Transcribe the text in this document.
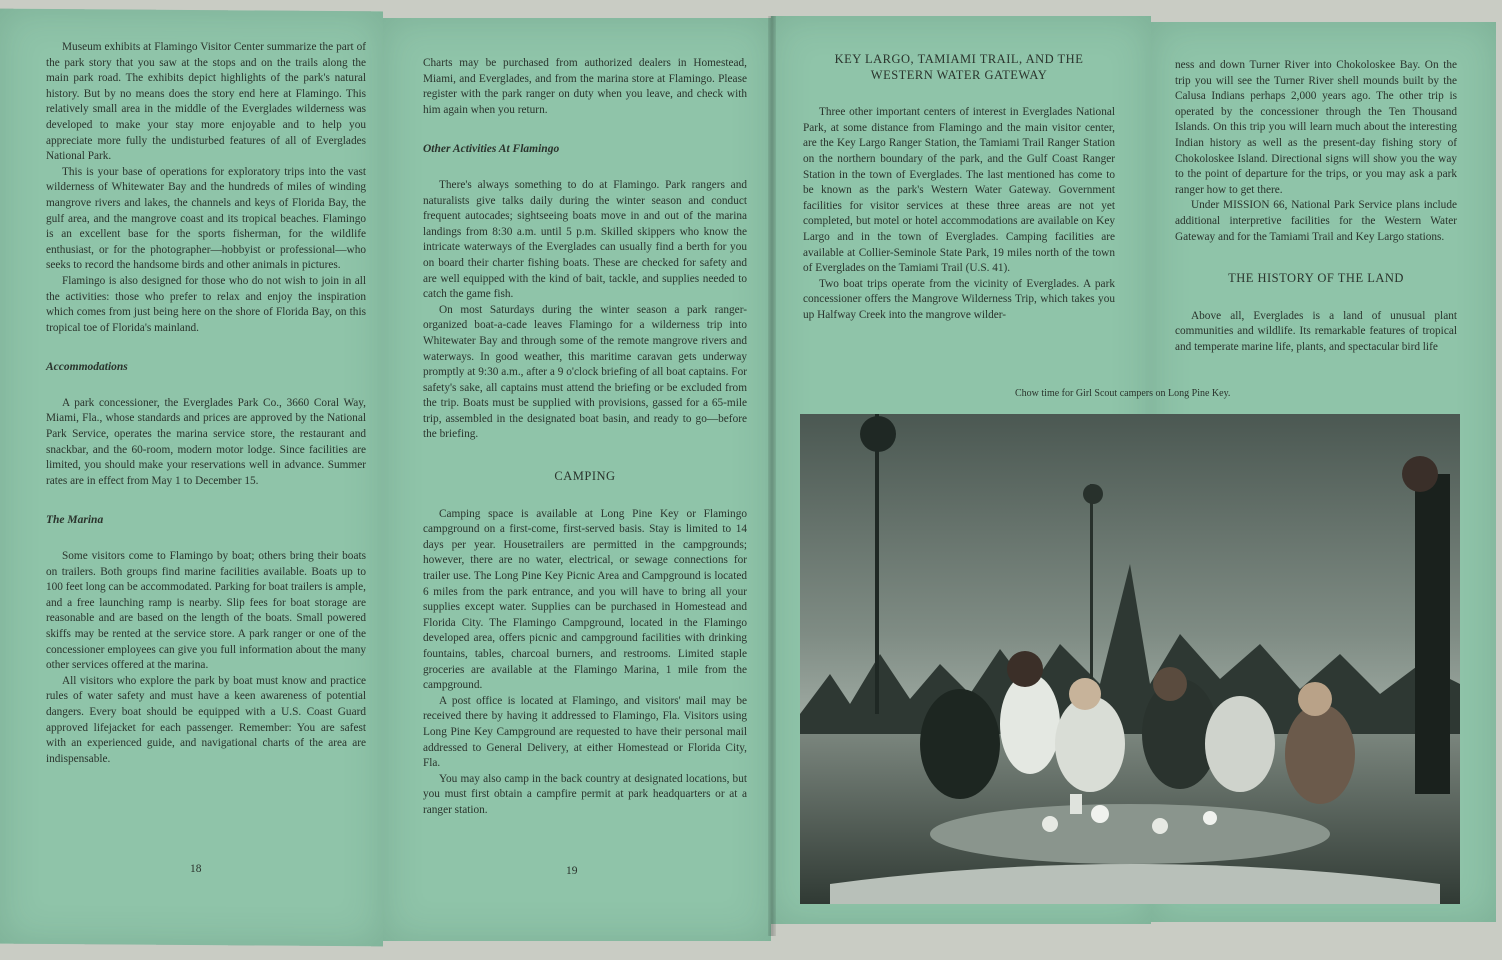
Museum exhibits at Flamingo Visitor Center summarize the part of the park story that you saw at the stops and on the trails along the main park road. The exhibits depict highlights of the park's natural history. But by no means does the story end here at Flamingo. This relatively small area in the middle of the Everglades wilderness was developed to make your stay more enjoyable and to help you appreciate more fully the undisturbed features of all of Everglades National Park.

This is your base of operations for exploratory trips into the vast wilderness of Whitewater Bay and the hundreds of miles of winding mangrove rivers and lakes, the channels and keys of Florida Bay, the gulf area, and the mangrove coast and its tropical beaches. Flamingo is an excellent base for the sports fisherman, for the wildlife enthusiast, or for the photographer—hobbyist or professional—who seeks to record the handsome birds and other animals in pictures.

Flamingo is also designed for those who do not wish to join in all the activities: those who prefer to relax and enjoy the inspiration which comes from just being here on the shore of Florida Bay, on this tropical toe of Florida's mainland.

Accommodations

A park concessioner, the Everglades Park Co., 3660 Coral Way, Miami, Fla., whose standards and prices are approved by the National Park Service, operates the marina service store, the restaurant and snackbar, and the 60-room, modern motor lodge. Since facilities are limited, you should make your reservations well in advance. Summer rates are in effect from May 1 to December 15.

The Marina

Some visitors come to Flamingo by boat; others bring their boats on trailers. Both groups find marine facilities available. Boats up to 100 feet long can be accommodated. Parking for boat trailers is ample, and a free launching ramp is nearby. Slip fees for boat storage are reasonable and are based on the length of the boats. Small powered skiffs may be rented at the service store. A park ranger or one of the concessioner employees can give you full information about the many other services offered at the marina.

All visitors who explore the park by boat must know and practice rules of water safety and must have a keen awareness of potential dangers. Every boat should be equipped with a U.S. Coast Guard approved lifejacket for each passenger. Remember: You are safest with an experienced guide, and navigational charts of the area are indispensable.

18

Charts may be purchased from authorized dealers in Homestead, Miami, and Everglades, and from the marina store at Flamingo. Please register with the park ranger on duty when you leave, and check with him again when you return.

Other Activities At Flamingo

There's always something to do at Flamingo. Park rangers and naturalists give talks daily during the winter season and conduct frequent autocades; sightseeing boats move in and out of the marina landings from 8:30 a.m. until 5 p.m. Skilled skippers who know the intricate waterways of the Everglades can usually find a berth for you on board their charter fishing boats. These are checked for safety and are well equipped with the kind of bait, tackle, and supplies needed to catch the game fish.

On most Saturdays during the winter season a park ranger-organized boat-a-cade leaves Flamingo for a wilderness trip into Whitewater Bay and through some of the remote mangrove rivers and waterways. In good weather, this maritime caravan gets underway promptly at 9:30 a.m., after a 9 o'clock briefing of all boat captains. For safety's sake, all captains must attend the briefing or be excluded from the trip. Boats must be supplied with provisions, gassed for a 65-mile trip, assembled in the designated boat basin, and ready to go—before the briefing.

CAMPING

Camping space is available at Long Pine Key or Flamingo campground on a first-come, first-served basis. Stay is limited to 14 days per year. Housetrailers are permitted in the campgrounds; however, there are no water, electrical, or sewage connections for trailer use. The Long Pine Key Picnic Area and Campground is located 6 miles from the park entrance, and you will have to bring all your supplies except water. Supplies can be purchased in Homestead and Florida City. The Flamingo Campground, located in the Flamingo developed area, offers picnic and campground facilities with drinking fountains, tables, charcoal burners, and restrooms. Limited staple groceries are available at the Flamingo Marina, 1 mile from the campground.

A post office is located at Flamingo, and visitors' mail may be received there by having it addressed to Flamingo, Fla. Visitors using Long Pine Key Campground are requested to have their personal mail addressed to General Delivery, at either Homestead or Florida City, Fla.

You may also camp in the back country at designated locations, but you must first obtain a campfire permit at park headquarters or at a ranger station.

19
KEY LARGO, TAMIAMI TRAIL, AND THE WESTERN WATER GATEWAY

Three other important centers of interest in Everglades National Park, at some distance from Flamingo and the main visitor center, are the Key Largo Ranger Station, the Tamiami Trail Ranger Station on the northern boundary of the park, and the Gulf Coast Ranger Station in the town of Everglades. The last mentioned has come to be known as the park's Western Water Gateway. Government facilities for visitor services at these three areas are not yet completed, but motel or hotel accommodations are available on Key Largo and in the town of Everglades. Camping facilities are available at Collier-Seminole State Park, 19 miles north of the town of Everglades on the Tamiami Trail (U.S. 41).

Two boat trips operate from the vicinity of Everglades. A park concessioner offers the Mangrove Wilderness Trip, which takes you up Halfway Creek into the mangrove wilder-

ness and down Turner River into Chokoloskee Bay. On the trip you will see the Turner River shell mounds built by the Calusa Indians perhaps 2,000 years ago. The other trip is operated by the concessioner through the Ten Thousand Islands. On this trip you will learn much about the interesting Indian history as well as the present-day fishing story of Chokoloskee Island. Directional signs will show you the way to the point of departure for the trips, or you may ask a park ranger how to get there.

Under MISSION 66, National Park Service plans include additional interpretive facilities for the Western Water Gateway and for the Tamiami Trail and Key Largo stations.

THE HISTORY OF THE LAND

Above all, Everglades is a land of unusual plant communities and wildlife. Its remarkable features of tropical and temperate marine life, plants, and spectacular bird life

Chow time for Girl Scout campers on Long Pine Key.
